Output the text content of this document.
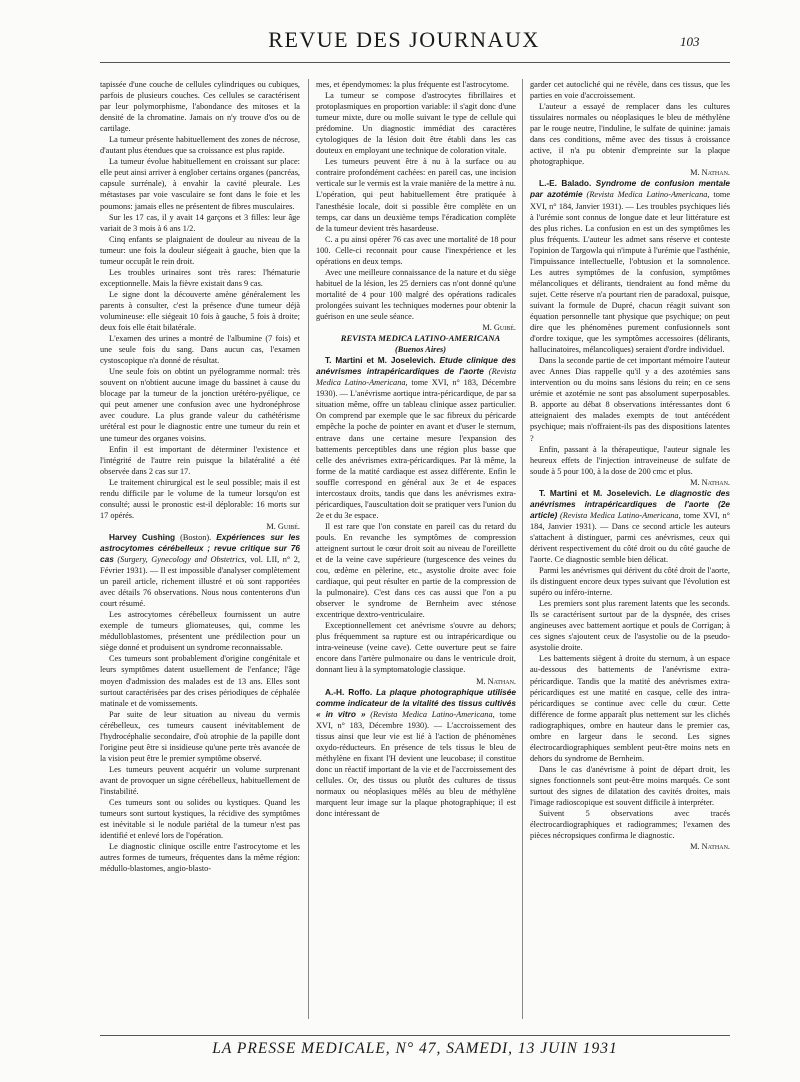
REVUE DES JOURNAUX	103

tapissée d'une couche de cellules cylindriques ou cubiques, parfois de plusieurs couches. Ces cellules se caractérisent par leur polymorphisme, l'abondance des mitoses et la densité de la chromatine. Jamais on n'y trouve d'os ou de cartilage.

La tumeur présente habituellement des zones de nécrose, d'autant plus étendues que sa croissance est plus rapide.

La tumeur évolue habituellement en croissant sur place: elle peut ainsi arriver à englober certains organes (pancréas, capsule surrénale), à envahir la cavité pleurale. Les métastases par voie vasculaire se font dans le foie et les poumons: jamais elles ne présentent de fibres musculaires.

Sur les 17 cas, il y avait 14 garçons et 3 filles: leur âge variait de 3 mois à 6 ans 1/2.

Cinq enfants se plaignaient de douleur au niveau de la tumeur: une fois la douleur siégeait à gauche, bien que la tumeur occupât le rein droit.

Les troubles urinaires sont très rares: l'hématurie exceptionnelle. Mais la fièvre existait dans 9 cas.

Le signe dont la découverte amène généralement les parents à consulter, c'est la présence d'une tumeur déjà volumineuse: elle siégeait 10 fois à gauche, 5 fois à droite; deux fois elle était bilatérale.

L'examen des urines a montré de l'albumine (7 fois) et une seule fois du sang. Dans aucun cas, l'examen cystoscopique n'a donné de résultat.

Une seule fois on obtint un pyélogramme normal: très souvent on n'obtient aucune image du bassinet à cause du blocage par la tumeur de la jonction urétéro-pyélique, ce qui peut amener une confusion avec une hydronéphrose avec coudure. La plus grande valeur du cathétérisme urétéral est pour le diagnostic entre une tumeur du rein et une tumeur des organes voisins.

Enfin il est important de déterminer l'existence et l'intégrité de l'autre rein puisque la bilatéralité a été observée dans 2 cas sur 17.

Le traitement chirurgical est le seul possible; mais il est rendu difficile par le volume de la tumeur lorsqu'on est consulté; aussi le pronostic est-il déplorable: 16 morts sur 17 opérés.

M. Guibé.

Harvey Cushing (Boston). Expériences sur les astrocytomes cérébelleux ; revue critique sur 76 cas (Surgery, Gynecology and Obstetrics, vol. LII, n° 2, Février 1931). — Il est impossible d'analyser complètement un pareil article, richement illustré et où sont rapportées avec détails 76 observations. Nous nous contenterons d'un court résumé.

Les astrocytomes cérébelleux fournissent un autre exemple de tumeurs gliomateuses, qui, comme les médulloblastomes, présentent une prédilection pour un siège donné et produisent un syndrome reconnaissable.

Ces tumeurs sont probablement d'origine congénitale et leurs symptômes datent usuellement de l'enfance; l'âge moyen d'admission des malades est de 13 ans. Elles sont surtout caractérisées par des crises périodiques de céphalée matinale et de vomissements.

Par suite de leur situation au niveau du vermis cérébelleux, ces tumeurs causent inévitablement de l'hydrocéphalie secondaire, d'où atrophie de la papille dont l'origine peut être si insidieuse qu'une perte très avancée de la vision peut être le premier symptôme observé.

Les tumeurs peuvent acquérir un volume surprenant avant de provoquer un signe cérébelleux, habituellement de l'instabilité.

Ces tumeurs sont ou solides ou kystiques. Quand les tumeurs sont surtout kystiques, la récidive des symptômes est inévitable si le nodule pariétal de la tumeur n'est pas identifié et enlevé lors de l'opération.

Le diagnostic clinique oscille entre l'astrocytome et les autres formes de tumeurs, fréquentes dans la même région: médullo-blastomes, angio-blasto-

mes, et épendymomes: la plus fréquente est l'astrocytome.

La tumeur se compose d'astrocytes fibrillaires et protoplasmiques en proportion variable: il s'agit donc d'une tumeur mixte, dure ou molle suivant le type de cellule qui prédomine. Un diagnostic immédiat des caractères cytologiques de la lésion doit être établi dans les cas douteux en employant une technique de coloration vitale.

Les tumeurs peuvent être à nu à la surface ou au contraire profondément cachées: en pareil cas, une incision verticale sur le vermis est la vraie manière de la mettre à nu. L'opération, qui peut habituellement être pratiquée à l'anesthésie locale, doit si possible être complète en un temps, car dans un deuxième temps l'éradication complète de la tumeur devient très hasardeuse.

C. a pu ainsi opérer 76 cas avec une mortalité de 18 pour 100. Celle-ci reconnait pour cause l'inexpérience et les opérations en deux temps.

Avec une meilleure connaissance de la nature et du siège habituel de la lésion, les 25 derniers cas n'ont donné qu'une mortalité de 4 pour 100 malgré des opérations radicales prolongées suivant les techniques modernes pour obtenir la guérison en une seule séance.

M. Guibé.

REVISTA MEDICA LATINO-AMERICANA

(Buenos Aires)

T. Martini et M. Joselevich. Etude clinique des anévrismes intrapéricardiques de l'aorte (Revista Medica Latino-Americana, tome XVI, n° 183, Décembre 1930). — L'anévrisme aortique intra-péricardique, de par sa situation même, offre un tableau clinique assez particulier. On comprend par exemple que le sac fibreux du péricarde empêche la poche de pointer en avant et d'user le sternum, entrave dans une certaine mesure l'expansion des battements perceptibles dans une région plus basse que celle des anévrismes extra-péricardiques. Par là même, la forme de la matité cardiaque est assez différente. Enfin le souffle correspond en général aux 3e et 4e espaces intercostaux droits, tandis que dans les anévrismes extra-péricardiques, l'auscultation doit se pratiquer vers l'union du 2e et du 3e espace.

Il est rare que l'on constate en pareil cas du retard du pouls. En revanche les symptômes de compression atteignent surtout le cœur droit soit au niveau de l'oreillette et de la veine cave supérieure (turgescence des veines du cou, œdème en pèlerine, etc., asystolie droite avec foie cardiaque, qui peut résulter en partie de la compression de la pulmonaire). C'est dans ces cas aussi que l'on a pu observer le syndrome de Bernheim avec sténose excentrique dextro-ventriculaire.

Exceptionnellement cet anévrisme s'ouvre au dehors; plus fréquemment sa rupture est ou intrapéricardique ou intra-veineuse (veine cave). Cette ouverture peut se faire encore dans l'artère pulmonaire ou dans le ventricule droit, donnant lieu à la symptomatologie classique.

M. Nathan.

A.-H. Roffo. La plaque photographique utilisée comme indicateur de la vitalité des tissus cultivés « in vitro » (Revista Medica Latino-Americana, tome XVI, n° 183, Décembre 1930). — L'accroissement des tissus ainsi que leur vie est lié à l'action de phénomènes oxydo-réducteurs. En présence de tels tissus le bleu de méthylène en fixant l'H devient une leucobase; il constitue donc un réactif important de la vie et de l'accroissement des cellules. Or, des tissus ou plutôt des cultures de tissus normaux ou néoplasiques mêlés au bleu de méthylène marquent leur image sur la plaque photographique; il est donc intéressant de

garder cet autocliché qui ne révèle, dans ces tissus, que les parties en voie d'accroissement.

L'auteur a essayé de remplacer dans les cultures tissulaires normales ou néoplasiques le bleu de méthylène par le rouge neutre, l'induline, le sulfate de quinine: jamais dans ces conditions, même avec des tissus à croissance active, il n'a pu obtenir d'empreinte sur la plaque photographique.

M. Nathan.

L.-E. Balado. Syndrome de confusion mentale par azotémie (Revista Medica Latino-Americana, tome XVI, n° 184, Janvier 1931). — Les troubles psychiques liés à l'urémie sont connus de longue date et leur littérature est des plus riches. La confusion en est un des symptômes les plus fréquents. L'auteur les admet sans réserve et conteste l'opinion de Targowla qui n'impute à l'urémie que l'asthénie, l'impuissance intellectuelle, l'obtusion et la somnolence. Les autres symptômes de la confusion, symptômes mélancoliques et délirants, tiendraient au fond même du sujet. Cette réserve n'a pourtant rien de paradoxal, puisque, suivant la formule de Dupré, chacun réagit suivant son équation personnelle tant physique que psychique; on peut dire que les phénomènes purement confusionnels sont d'ordre toxique, que les symptômes accessoires (délirants, hallucinatoires, mélancoliques) seraient d'ordre individuel.

Dans la seconde partie de cet important mémoire l'auteur avec Annes Dias rappelle qu'il y a des azotémies sans intervention ou du moins sans lésions du rein; en ce sens urémie et azotémie ne sont pas absolument superposables. B. apporte au débat 8 observations intéressantes dont 6 atteignaient des malades exempts de tout antécédent psychique; mais n'offraient-ils pas des dispositions latentes ?

Enfin, passant à la thérapeutique, l'auteur signale les heureux effets de l'injection intraveineuse de sulfate de soude à 5 pour 100, à la dose de 200 cmc et plus.

M. Nathan.

T. Martini et M. Joselevich. Le diagnostic des anévrismes intrapéricardiques de l'aorte (2e article) (Revista Medica Latino-Americana, tome XVI, n° 184, Janvier 1931). — Dans ce second article les auteurs s'attachent à distinguer, parmi ces anévrismes, ceux qui dérivent respectivement du côté droit ou du côté gauche de l'aorte. Ce diagnostic semble bien délicat.

Parmi les anévrismes qui dérivent du côté droit de l'aorte, ils distinguent encore deux types suivant que l'évolution est supéro ou inféro-interne.

Les premiers sont plus rarement latents que les seconds. Ils se caractérisent surtout par de la dyspnée, des crises angineuses avec battement aortique et pouls de Corrigan; à ces signes s'ajoutent ceux de l'asystolie ou de la pseudo-asystolie droite.

Les battements siègent à droite du sternum, à un espace au-dessous des battements de l'anévrisme extra-péricardique. Tandis que la matité des anévrismes extra-péricardiques est une matité en casque, celle des intra-péricardiques se continue avec celle du cœur. Cette différence de forme apparaît plus nettement sur les clichés radiographiques, ombre en hauteur dans le premier cas, ombre en largeur dans le second. Les signes électrocardiographiques semblent peut-être moins nets en dehors du syndrome de Bernheim.

Dans le cas d'anévrisme à point de départ droit, les signes fonctionnels sont peut-être moins marqués. Ce sont surtout des signes de dilatation des cavités droites, mais l'image radioscopique est souvent difficile à interpréter.

Suivent 5 observations avec tracés électrocardiographiques et radiogrammes; l'examen des pièces nécropsiques confirma le diagnostic.

M. Nathan.

LA PRESSE MEDICALE, N° 47, SAMEDI, 13 JUIN 1931
